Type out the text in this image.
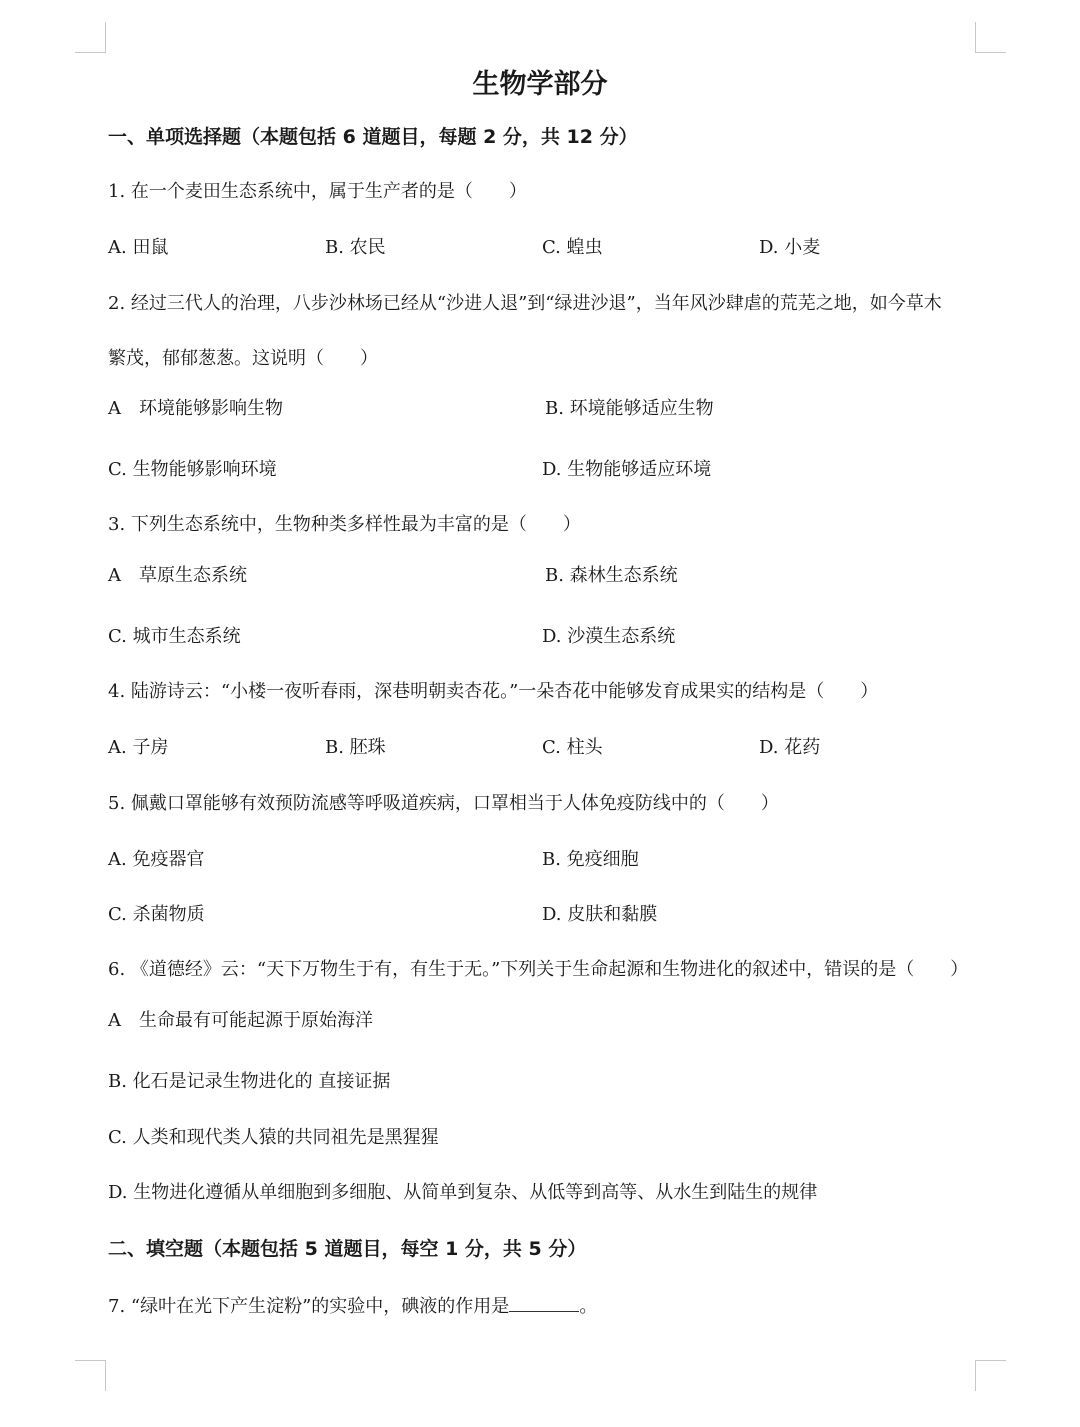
生物学部分
一、单项选择题（本题包括 6 道题目，每题 2 分，共 12 分）
1. 在一个麦田生态系统中，属于生产者的是（　　）
A. 田鼠	B. 农民	C. 蝗虫	D. 小麦
2. 经过三代人的治理，八步沙林场已经从“沙进人退”到“绿进沙退”，当年风沙肆虐的荒芜之地，如今草木
繁茂，郁郁葱葱。这说明（　　）
A　环境能够影响生物	B. 环境能够适应生物
C. 生物能够影响环境	D. 生物能够适应环境
3. 下列生态系统中，生物种类多样性最为丰富的是（　　）
A　草原生态系统	B. 森林生态系统
C. 城市生态系统	D. 沙漠生态系统
4. 陆游诗云：“小楼一夜听春雨，深巷明朝卖杏花。”一朵杏花中能够发育成果实的结构是（　　）
A. 子房	B. 胚珠	C. 柱头	D. 花药
5. 佩戴口罩能够有效预防流感等呼吸道疾病，口罩相当于人体免疫防线中的（　　）
A. 免疫器官	B. 免疫细胞
C. 杀菌物质	D. 皮肤和黏膜
6. 《道德经》云：“天下万物生于有，有生于无。”下列关于生命起源和生物进化的叙述中，错误的是（　　）
A　生命最有可能起源于原始海洋
B. 化石是记录生物进化的 直接证据
C. 人类和现代类人猿的共同祖先是黑猩猩
D. 生物进化遵循从单细胞到多细胞、从简单到复杂、从低等到高等、从水生到陆生的规律
二、填空题（本题包括 5 道题目，每空 1 分，共 5 分）
7. “绿叶在光下产生淀粉”的实验中，碘液的作用是	。
